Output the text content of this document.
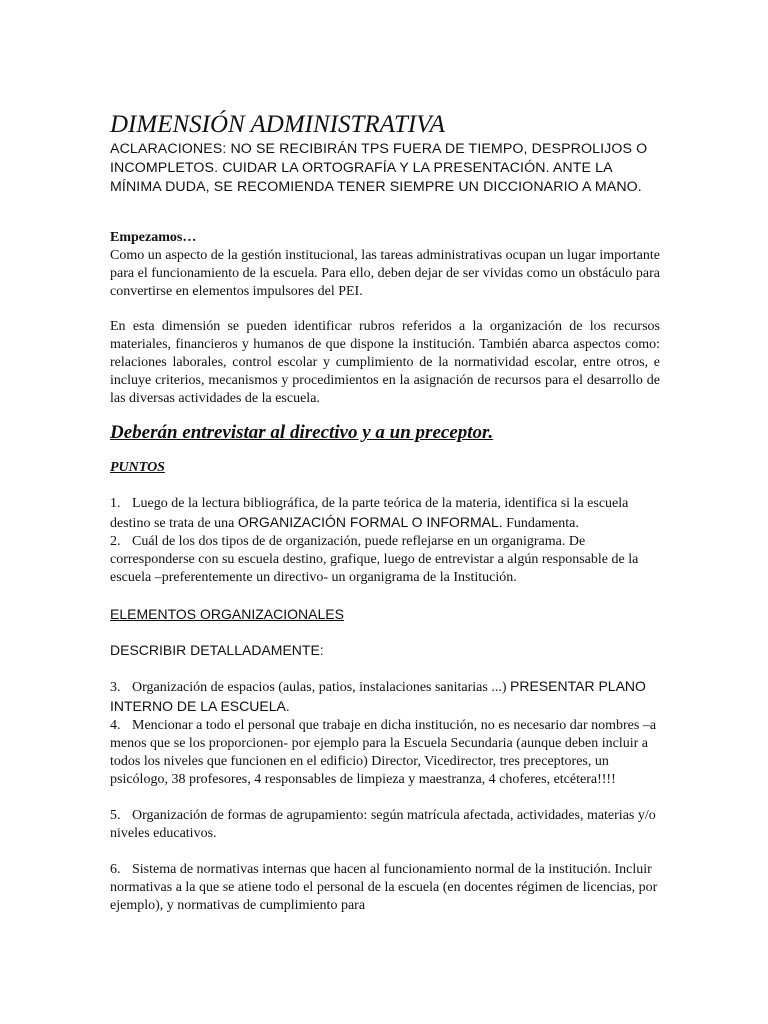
DIMENSIÓN ADMINISTRATIVA

ACLARACIONES: NO SE RECIBIRÁN TPS FUERA DE TIEMPO, DESPROLIJOS O INCOMPLETOS. CUIDAR LA ORTOGRAFÍA Y LA PRESENTACIÓN. ANTE LA MÍNIMA DUDA, SE RECOMIENDA TENER SIEMPRE UN DICCIONARIO A MANO.

Empezamos…

Como un aspecto de la gestión institucional, las tareas administrativas ocupan un lugar importante para el funcionamiento de la escuela. Para ello, deben dejar de ser vividas como un obstáculo para convertirse en elementos impulsores del PEI.

En esta dimensión se pueden identificar rubros referidos a la organización de los recursos materiales, financieros y humanos de que dispone la institución. También abarca aspectos como: relaciones laborales, control escolar y cumplimiento de la normatividad escolar, entre otros, e incluye criterios, mecanismos y procedimientos en la asignación de recursos para el desarrollo de las diversas actividades de la escuela.

Deberán entrevistar al directivo y a un preceptor.

PUNTOS

1. Luego de la lectura bibliográfica, de la parte teórica de la materia, identifica si la escuela destino se trata de una ORGANIZACIÓN FORMAL O INFORMAL. Fundamenta.

2. Cuál de los dos tipos de de organización, puede reflejarse en un organigrama. De corresponderse con su escuela destino, grafique, luego de entrevistar a algún responsable de la escuela –preferentemente un directivo- un organigrama de la Institución.

ELEMENTOS ORGANIZACIONALES

DESCRIBIR DETALLADAMENTE:

3. Organización de espacios (aulas, patios, instalaciones sanitarias ...) PRESENTAR PLANO INTERNO DE LA ESCUELA.

4. Mencionar a todo el personal que trabaje en dicha institución, no es necesario dar nombres –a menos que se los proporcionen- por ejemplo para la Escuela Secundaria (aunque deben incluir a todos los niveles que funcionen en el edificio) Director, Vicedirector, tres preceptores, un psicólogo, 38 profesores, 4 responsables de limpieza y maestranza, 4 choferes, etcétera!!!!

5. Organización de formas de agrupamiento: según matrícula afectada, actividades, materias y/o niveles educativos.

6. Sistema de normativas internas que hacen al funcionamiento normal de la institución. Incluir normativas a la que se atiene todo el personal de la escuela (en docentes régimen de licencias, por ejemplo), y normativas de cumplimiento para
